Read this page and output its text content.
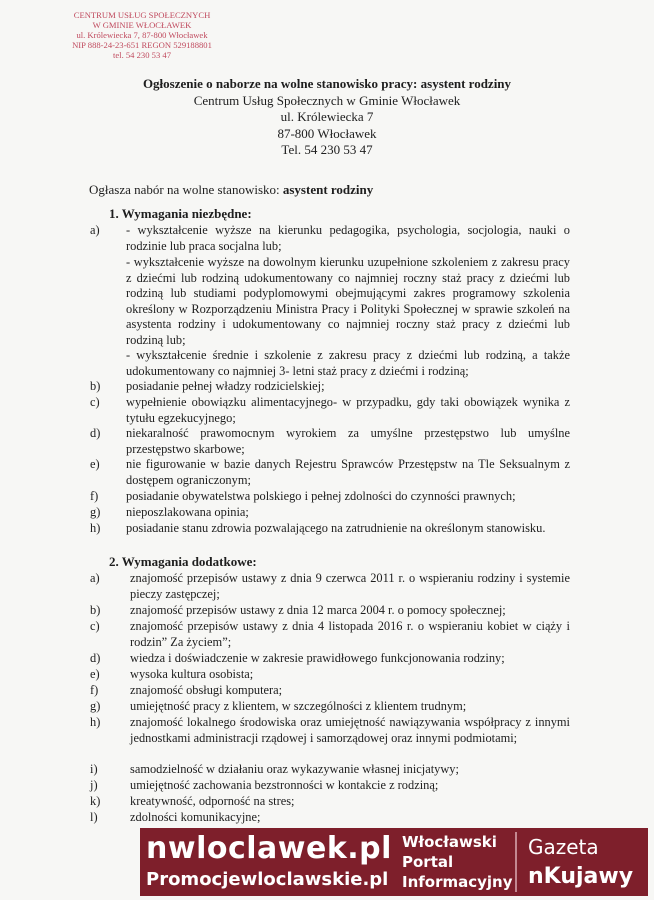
CENTRUM USŁUG SPOŁECZNYCH
W GMINIE WŁOCŁAWEK
ul. Królewiecka 7, 87-800 Włocławek
NIP 888-24-23-651 REGON 529188801
tel. 54 230 53 47
Ogłoszenie o naborze na wolne stanowisko pracy: asystent rodziny
Centrum Usług Społecznych w Gminie Włocławek
ul. Królewiecka 7
87-800 Włocławek
Tel. 54 230 53 47
Ogłasza nabór na wolne stanowisko: asystent rodziny
1. Wymagania niezbędne:
a)	- wykształcenie wyższe na kierunku pedagogika, psychologia, socjologia, nauki o rodzinie lub praca socjalna lub;
- wykształcenie wyższe na dowolnym kierunku uzupełnione szkoleniem z zakresu pracy z dziećmi lub rodziną udokumentowany co najmniej roczny staż pracy z dziećmi lub rodziną lub studiami podyplomowymi obejmującymi zakres programowy szkolenia określony w Rozporządzeniu Ministra Pracy i Polityki Społecznej w sprawie szkoleń na asystenta rodziny i udokumentowany co najmniej roczny staż pracy z dziećmi lub rodziną lub;
- wykształcenie średnie i szkolenie z zakresu pracy z dziećmi lub rodziną, a także udokumentowany co najmniej 3- letni staż pracy z dziećmi i rodziną;
b)	posiadanie pełnej władzy rodzicielskiej;
c)	wypełnienie obowiązku alimentacyjnego- w przypadku, gdy taki obowiązek wynika z tytułu egzekucyjnego;
d)	niekaralność prawomocnym wyrokiem za umyślne przestępstwo lub umyślne przestępstwo skarbowe;
e)	nie figurowanie w bazie danych Rejestru Sprawców Przestępstw na Tle Seksualnym z dostępem ograniczonym;
f)	posiadanie obywatelstwa polskiego i pełnej zdolności do czynności prawnych;
g)	nieposzlakowana opinia;
h)	posiadanie stanu zdrowia pozwalającego na zatrudnienie na określonym stanowisku.
2. Wymagania dodatkowe:
a)	znajomość przepisów ustawy z dnia 9 czerwca 2011 r. o wspieraniu rodziny i systemie pieczy zastępczej;
b)	znajomość przepisów ustawy z dnia 12 marca 2004 r. o pomocy społecznej;
c)	znajomość przepisów ustawy z dnia 4 listopada 2016 r. o wspieraniu kobiet w ciąży i rodzin” Za życiem”;
d)	wiedza i doświadczenie w zakresie prawidłowego funkcjonowania rodziny;
e)	wysoka kultura osobista;
f)	znajomość obsługi komputera;
g)	umiejętność pracy z klientem, w szczególności z klientem trudnym;
h)	znajomość lokalnego środowiska oraz umiejętność nawiązywania współpracy z innymi jednostkami administracji rządowej i samorządowej oraz innymi podmiotami;
i)	samodzielność w działaniu oraz wykazywanie własnej inicjatywy;
j)	umiejętność zachowania bezstronności w kontakcie z rodziną;
k)	kreatywność, odporność na stres;
l)	zdolności komunikacyjne;
nwloclawek.pl
Promocjewloclawskie.pl
Włocławski
Portal
Informacyjny
Gazeta
nKujawy
